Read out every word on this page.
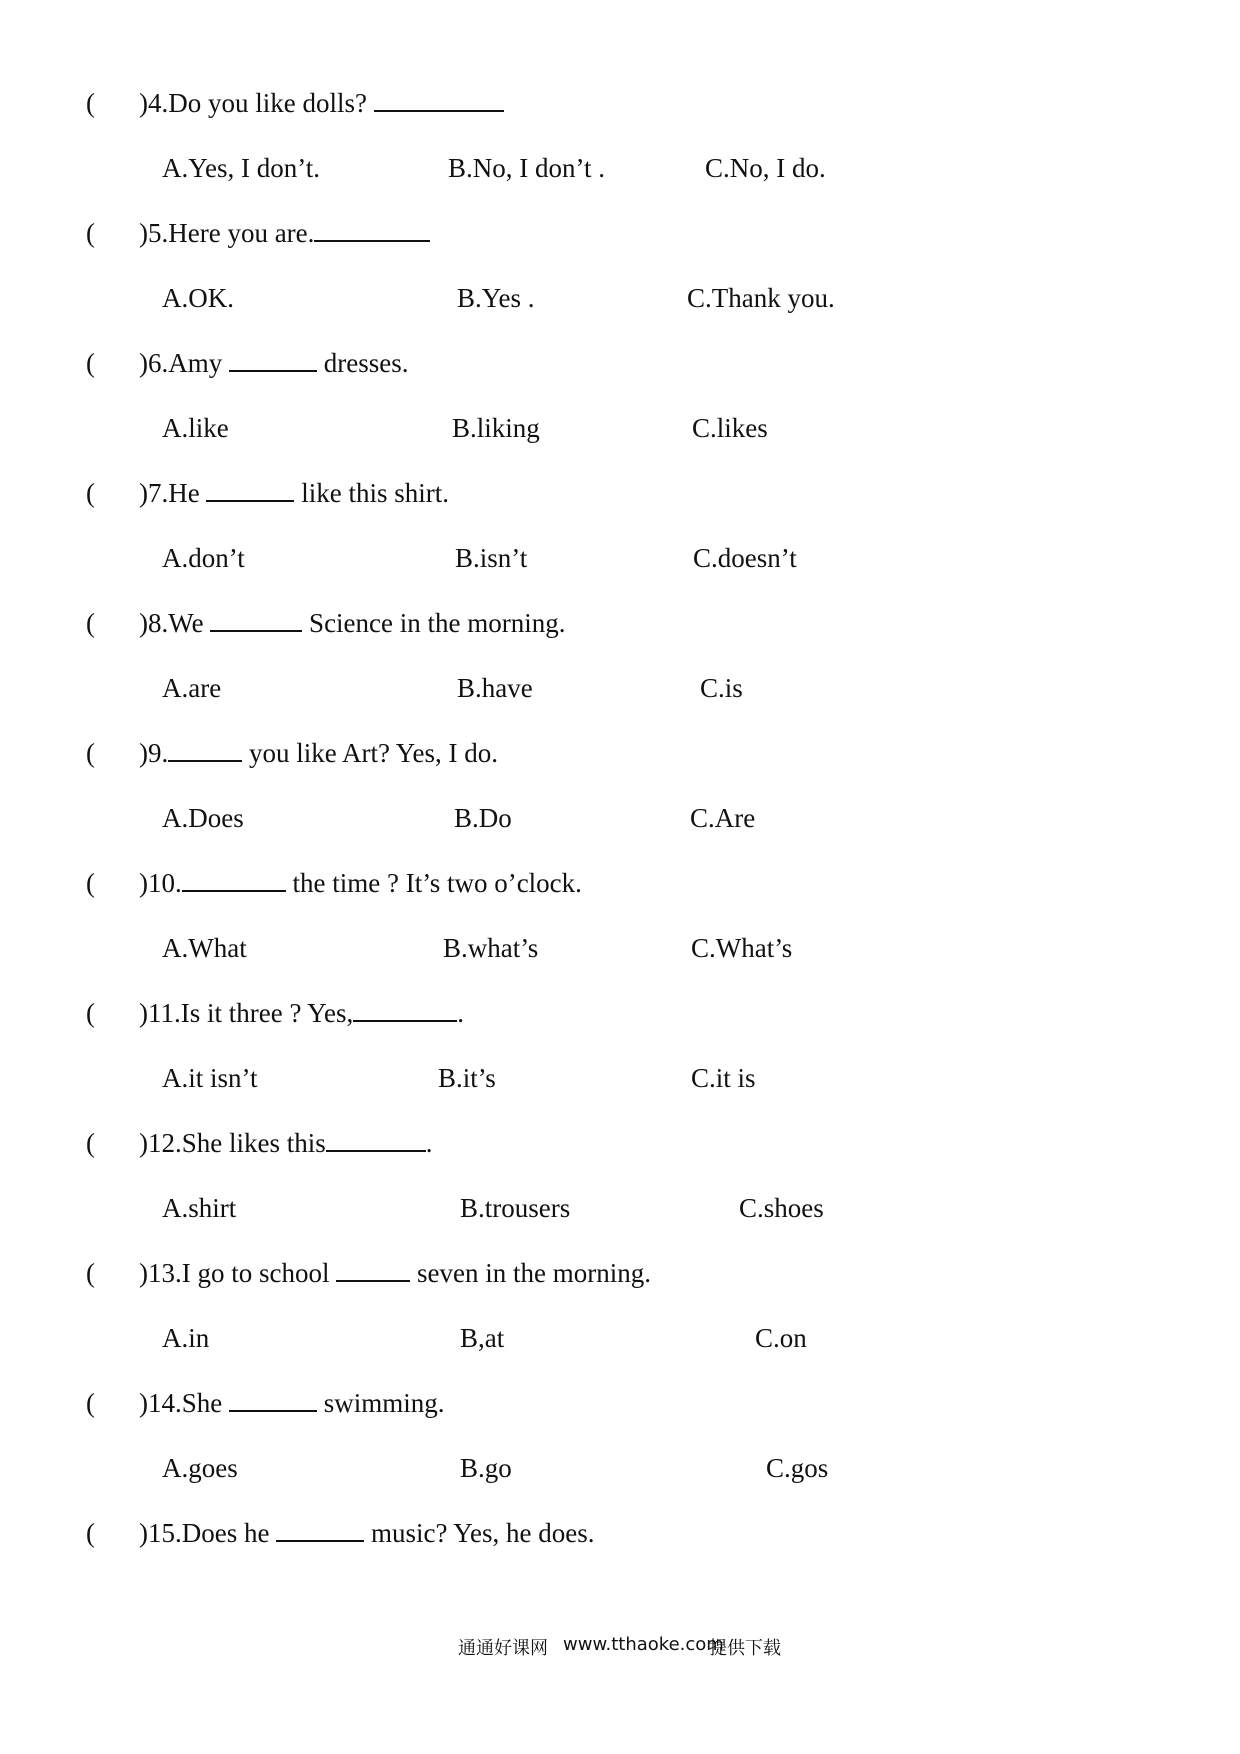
( )4.Do you like dolls?
A.Yes, I don’t.	B.No, I don’t .	C.No, I do.
( )5.Here you are.
A.OK.	B.Yes .	C.Thank you.
( )6.Amy	dresses.
A.like	B.liking	C.likes
( )7.He	like this shirt.
A.don’t	B.isn’t	C.doesn’t
( )8.We	Science in the morning.
A.are	B.have	C.is
( )9.	you like Art? Yes, I do.
A.Does	B.Do	C.Are
( )10.	the time ? It’s two o’clock.
A.What	B.what’s	C.What’s
( )11.Is it three ? Yes,	.
A.it isn’t	B.it’s	C.it is
( )12.She likes this	.
A.shirt	B.trousers	C.shoes
( )13.I go to school	seven in the morning.
A.in	B,at	C.on
( )14.She	swimming.
A.goes	B.go	C.gos
( )15.Does he	music? Yes, he does.
通通好课网 www.tthaoke.com
提供下载
